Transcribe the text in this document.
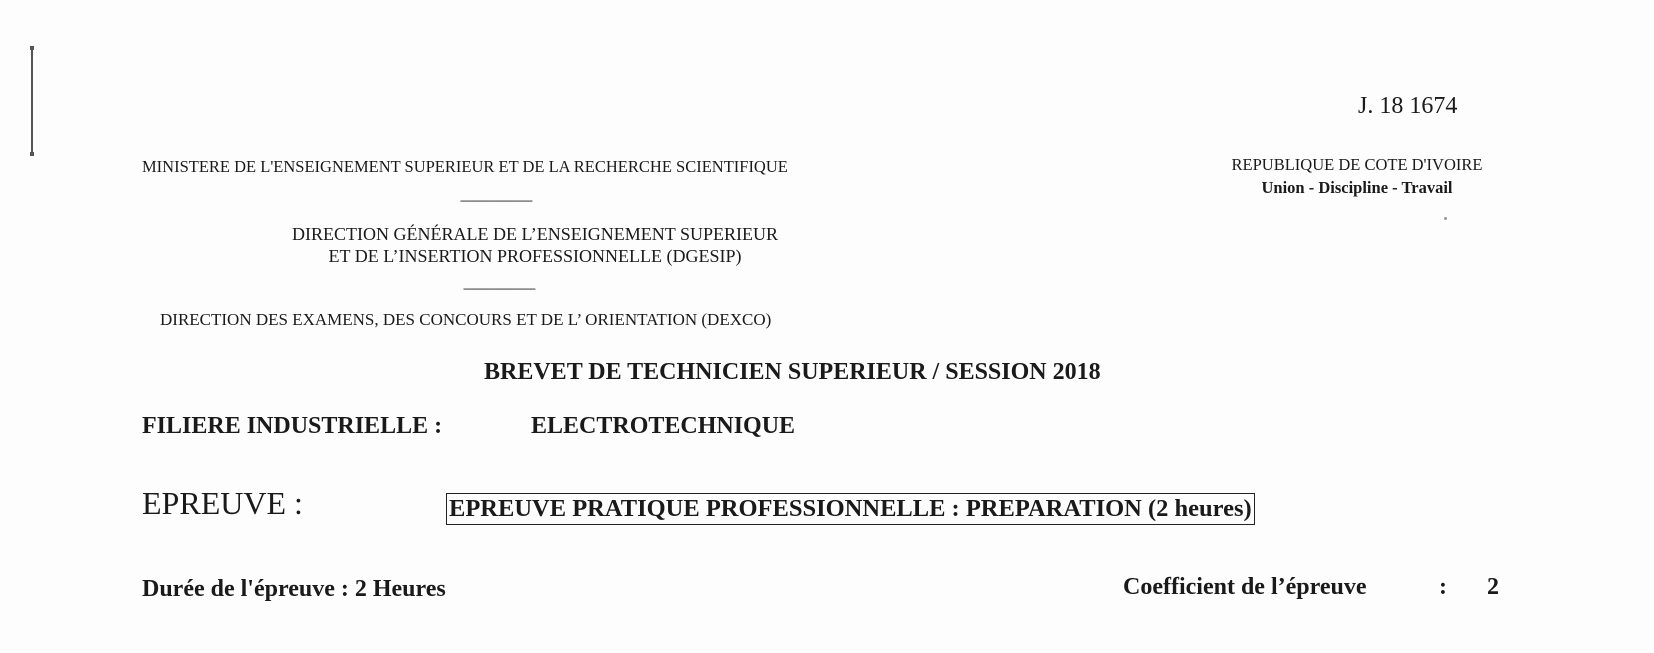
J. 18 1674
MINISTERE DE L'ENSEIGNEMENT SUPERIEUR ET DE LA RECHERCHE SCIENTIFIQUE	REPUBLIQUE DE COTE D'IVOIRE
Union - Discipline - Travail
------------------------
DIRECTION GÉNÉRALE DE L’ENSEIGNEMENT SUPERIEUR
ET DE L’INSERTION PROFESSIONNELLE (DGESIP)
------------------------
DIRECTION DES EXAMENS, DES CONCOURS ET DE L’ ORIENTATION (DEXCO)
BREVET DE TECHNICIEN SUPERIEUR / SESSION 2018
FILIERE INDUSTRIELLE :	ELECTROTECHNIQUE
EPREUVE :	EPREUVE PRATIQUE PROFESSIONNELLE : PREPARATION (2 heures)
Durée de l'épreuve : 2 Heures	Coefficient de l’épreuve	: 2
